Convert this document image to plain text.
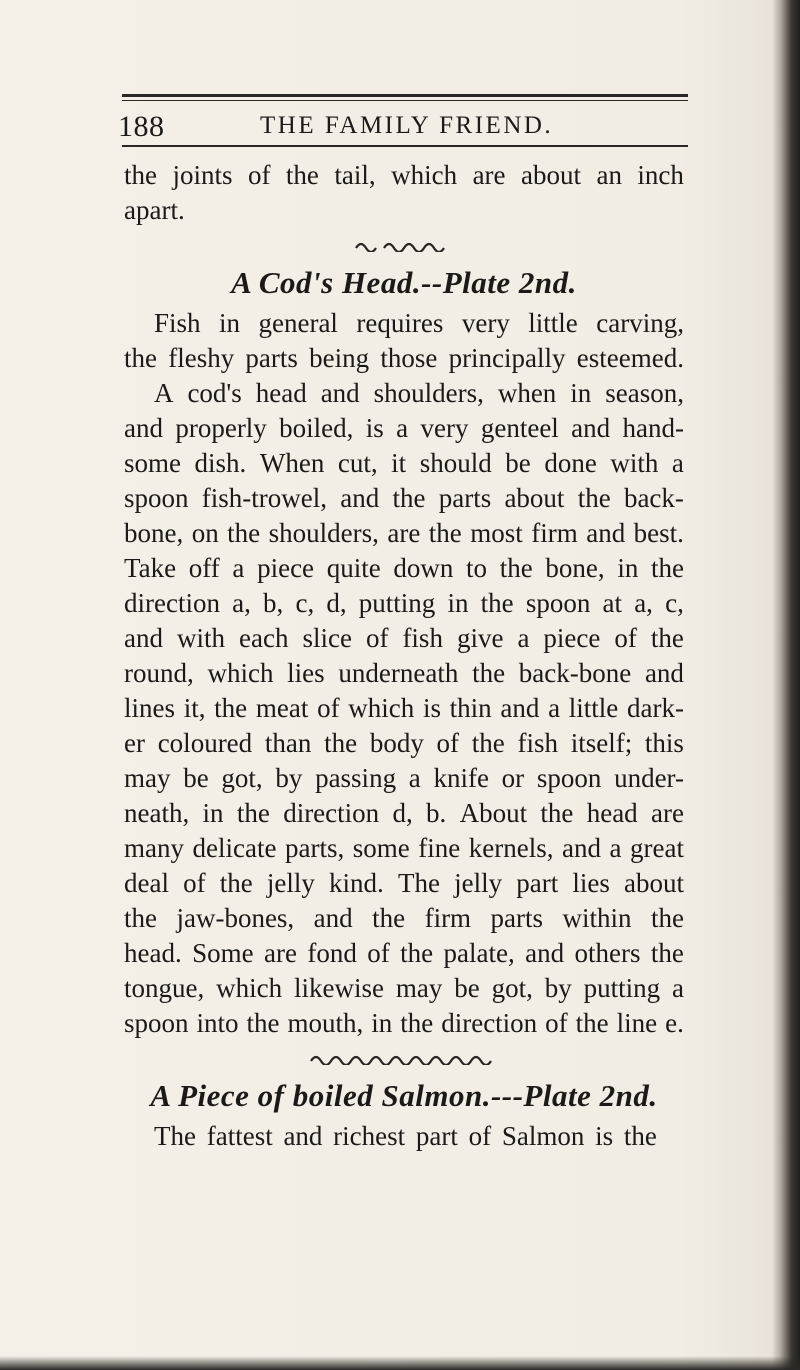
188	THE FAMILY FRIEND.
the joints of the tail, which are about an inch
apart.
A Cod's Head.--Plate 2nd.
Fish in general requires very little carving,
the fleshy parts being those principally esteemed.
A cod's head and shoulders, when in season,
and properly boiled, is a very genteel and hand-
some dish. When cut, it should be done with a
spoon fish-trowel, and the parts about the back-
bone, on the shoulders, are the most firm and best.
Take off a piece quite down to the bone, in the
direction a, b, c, d, putting in the spoon at a, c,
and with each slice of fish give a piece of the
round, which lies underneath the back-bone and
lines it, the meat of which is thin and a little dark-
er coloured than the body of the fish itself; this
may be got, by passing a knife or spoon under-
neath, in the direction d, b. About the head are
many delicate parts, some fine kernels, and a great
deal of the jelly kind. The jelly part lies about
the jaw-bones, and the firm parts within the
head. Some are fond of the palate, and others the
tongue, which likewise may be got, by putting a
spoon into the mouth, in the direction of the line e.
A Piece of boiled Salmon.---Plate 2nd.
The fattest and richest part of Salmon is the
